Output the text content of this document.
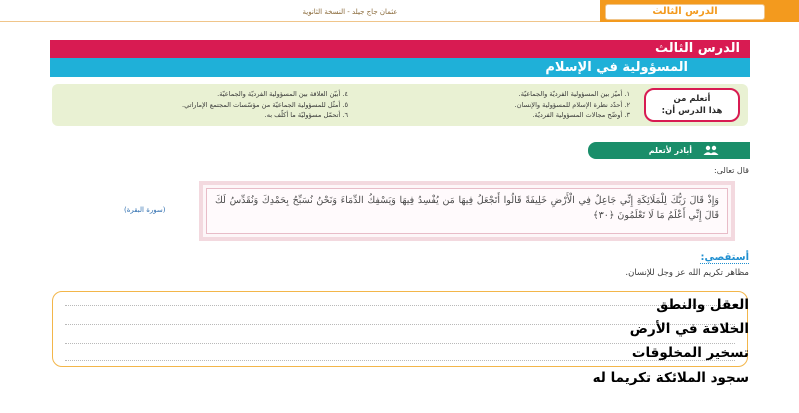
عثمان جاج جيلد - النسخة الثانوية	الدرس الثالث
الدرس الثالث
المسؤولية في الإسلام
أتعلم من
هذا الدرس أن:
١. أميّز بين المسؤولية الفرديّة والجماعيّة.
٢. أحدّد نظرة الإسلام للمسؤولية والإنسان.
٣. أوضّح مجالات المسؤولية الفرديّة.
٤. أبيّن العلاقة بين المسؤولية الفرديّة والجماعيّة.
٥. أمثّل للمسؤولية الجماعيّة من مؤسّسات المجتمع الإماراتي.
٦. أتحمّل مسؤوليّة ما أكلّف به.
أبادر لأتعلم
قال تعالى:
وَإِذْ قَالَ رَبُّكَ لِلْمَلَائِكَةِ إِنِّي جَاعِلٌ فِي الْأَرْضِ خَلِيفَةً قَالُوا أَتَجْعَلُ فِيهَا مَن يُفْسِدُ فِيهَا وَيَسْفِكُ الدِّمَاءَ وَنَحْنُ نُسَبِّحُ بِحَمْدِكَ وَنُقَدِّسُ لَكَ قَالَ إِنِّي أَعْلَمُ مَا لَا تَعْلَمُونَ ﴿٣٠﴾
(سورة البقرة)
أستقصي:
مظاهر تكريم الله عز وجل للإنسان.
العقل والنطق
الخلافة في الأرض
تسخير المخلوقات
سجود الملائكة تكريما له
